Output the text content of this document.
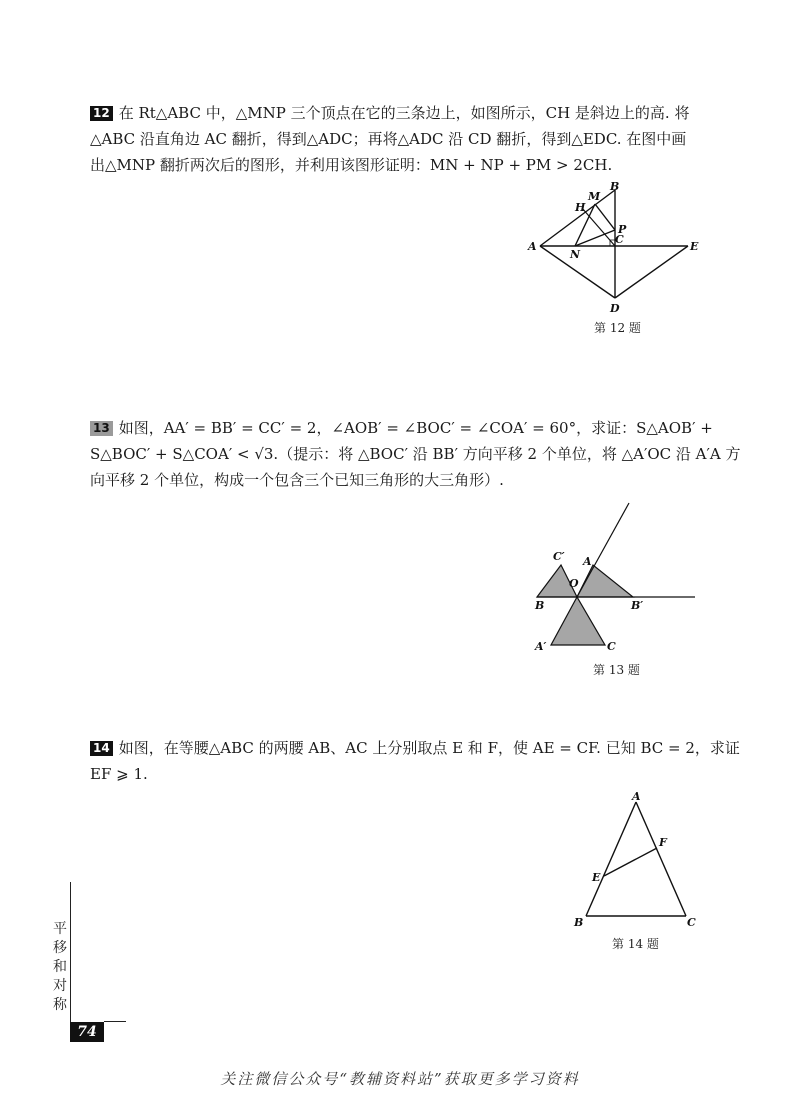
12 在 Rt△ABC 中，△MNP 三个顶点在它的三条边上，如图所示，CH 是斜边上的高. 将
△ABC 沿直角边 AC 翻折，得到△ADC；再将△ADC 沿 CD 翻折，得到△EDC. 在图中画
出△MNP 翻折两次后的图形，并利用该图形证明：MN + NP + PM > 2CH.
B
M
H
P
C
A
N
E
D
第 12 题
13 如图，AA′ = BB′ = CC′ = 2，∠AOB′ = ∠BOC′ = ∠COA′ = 60°，求证：S△AOB′ +
S△BOC′ + S△COA′ < √3.（提示：将 △BOC′ 沿 BB′ 方向平移 2 个单位，将 △A′OC 沿 A′A 方
向平移 2 个单位，构成一个包含三个已知三角形的大三角形）.
C′ A
O
B	B′
A′	C
第 13 题
14 如图，在等腰△ABC 的两腰 AB、AC 上分别取点 E 和 F，使 AE = CF. 已知 BC = 2，求证
EF ⩾ 1.
A
F
E
B	C
第 14 题
平
移
和
对
称
74
关注微信公众号“教辅资料站”获取更多学习资料
